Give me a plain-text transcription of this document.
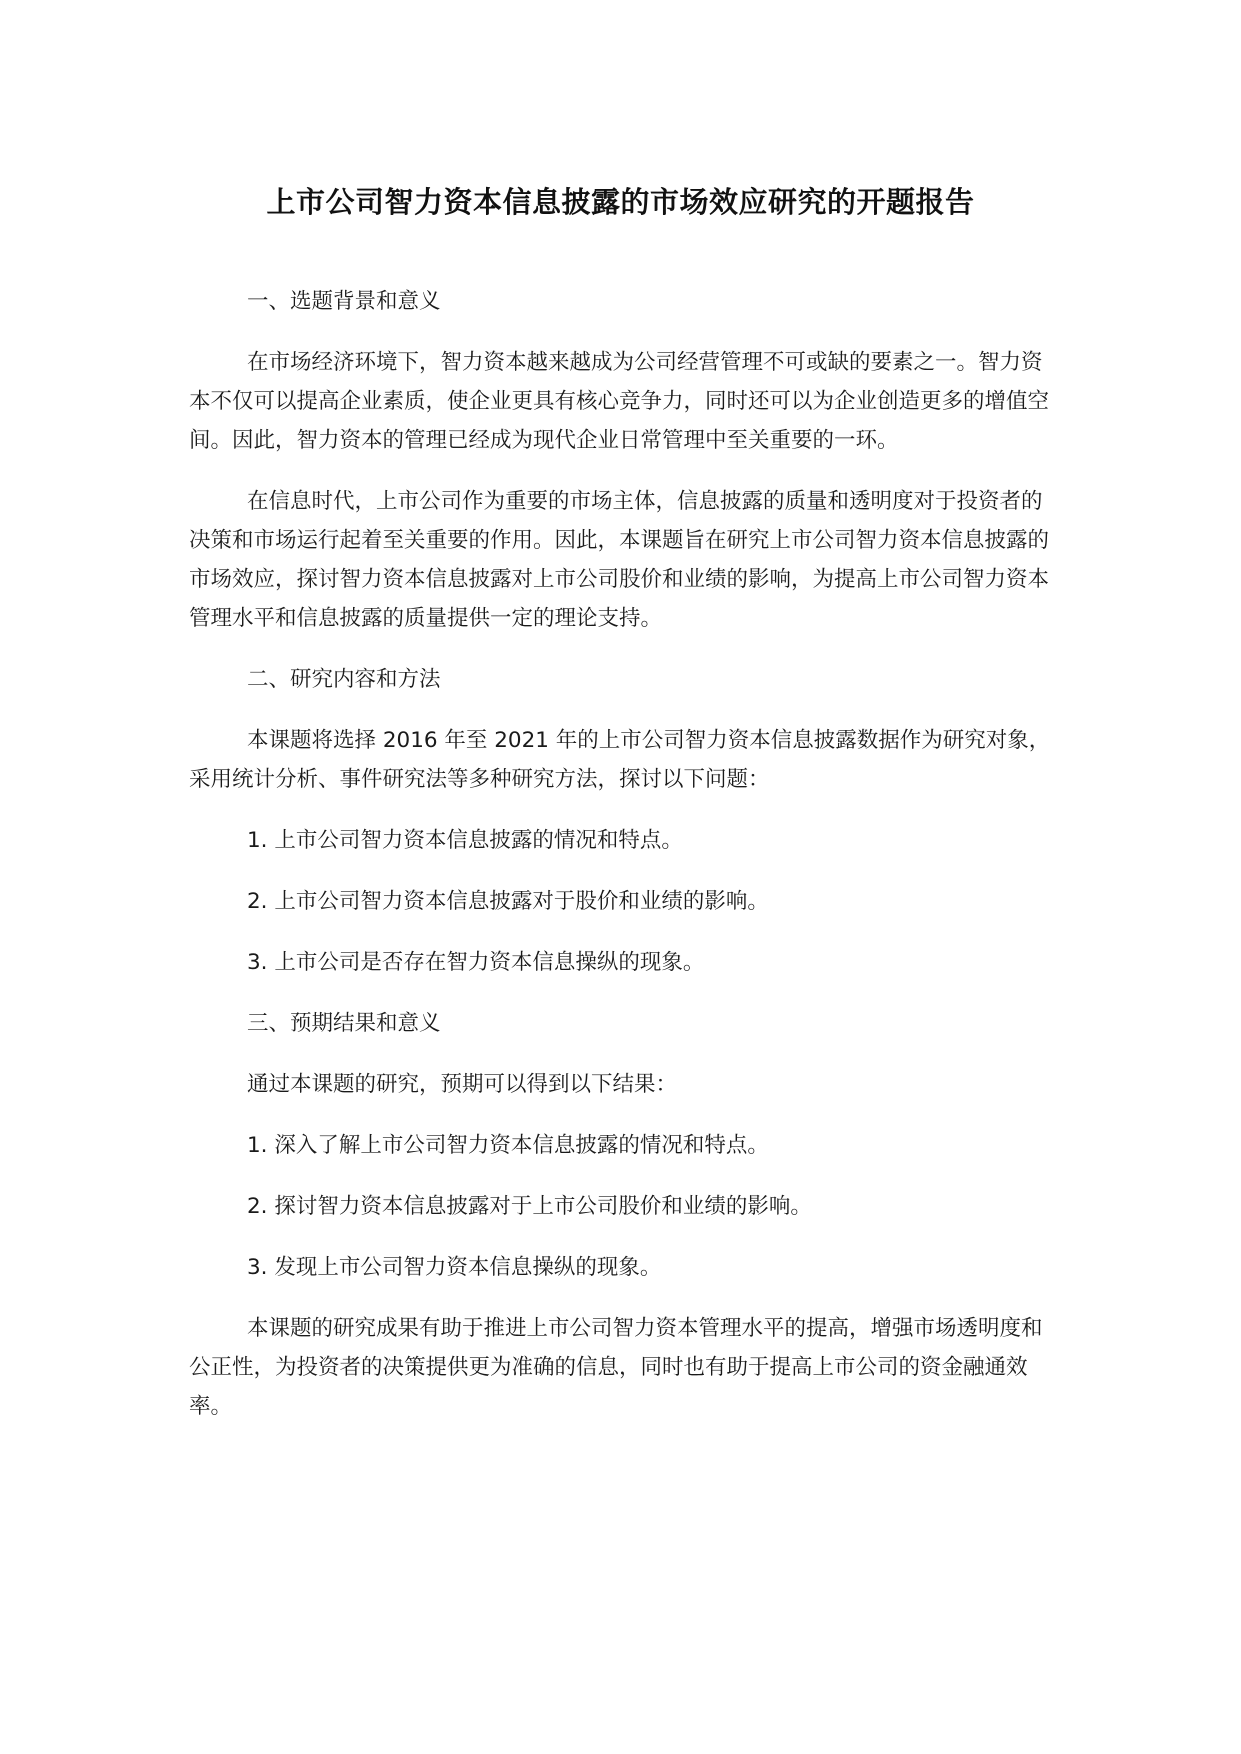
上市公司智力资本信息披露的市场效应研究的开题报告

一、选题背景和意义

在市场经济环境下，智力资本越来越成为公司经营管理不可或缺的要素之一。智力资本不仅可以提高企业素质，使企业更具有核心竞争力，同时还可以为企业创造更多的增值空间。因此，智力资本的管理已经成为现代企业日常管理中至关重要的一环。

在信息时代，上市公司作为重要的市场主体，信息披露的质量和透明度对于投资者的决策和市场运行起着至关重要的作用。因此，本课题旨在研究上市公司智力资本信息披露的市场效应，探讨智力资本信息披露对上市公司股价和业绩的影响，为提高上市公司智力资本管理水平和信息披露的质量提供一定的理论支持。

二、研究内容和方法

本课题将选择 2016 年至 2021 年的上市公司智力资本信息披露数据作为研究对象，采用统计分析、事件研究法等多种研究方法，探讨以下问题：

1. 上市公司智力资本信息披露的情况和特点。

2. 上市公司智力资本信息披露对于股价和业绩的影响。

3. 上市公司是否存在智力资本信息操纵的现象。

三、预期结果和意义

通过本课题的研究，预期可以得到以下结果：

1. 深入了解上市公司智力资本信息披露的情况和特点。

2. 探讨智力资本信息披露对于上市公司股价和业绩的影响。

3. 发现上市公司智力资本信息操纵的现象。

本课题的研究成果有助于推进上市公司智力资本管理水平的提高，增强市场透明度和公正性，为投资者的决策提供更为准确的信息，同时也有助于提高上市公司的资金融通效率。
